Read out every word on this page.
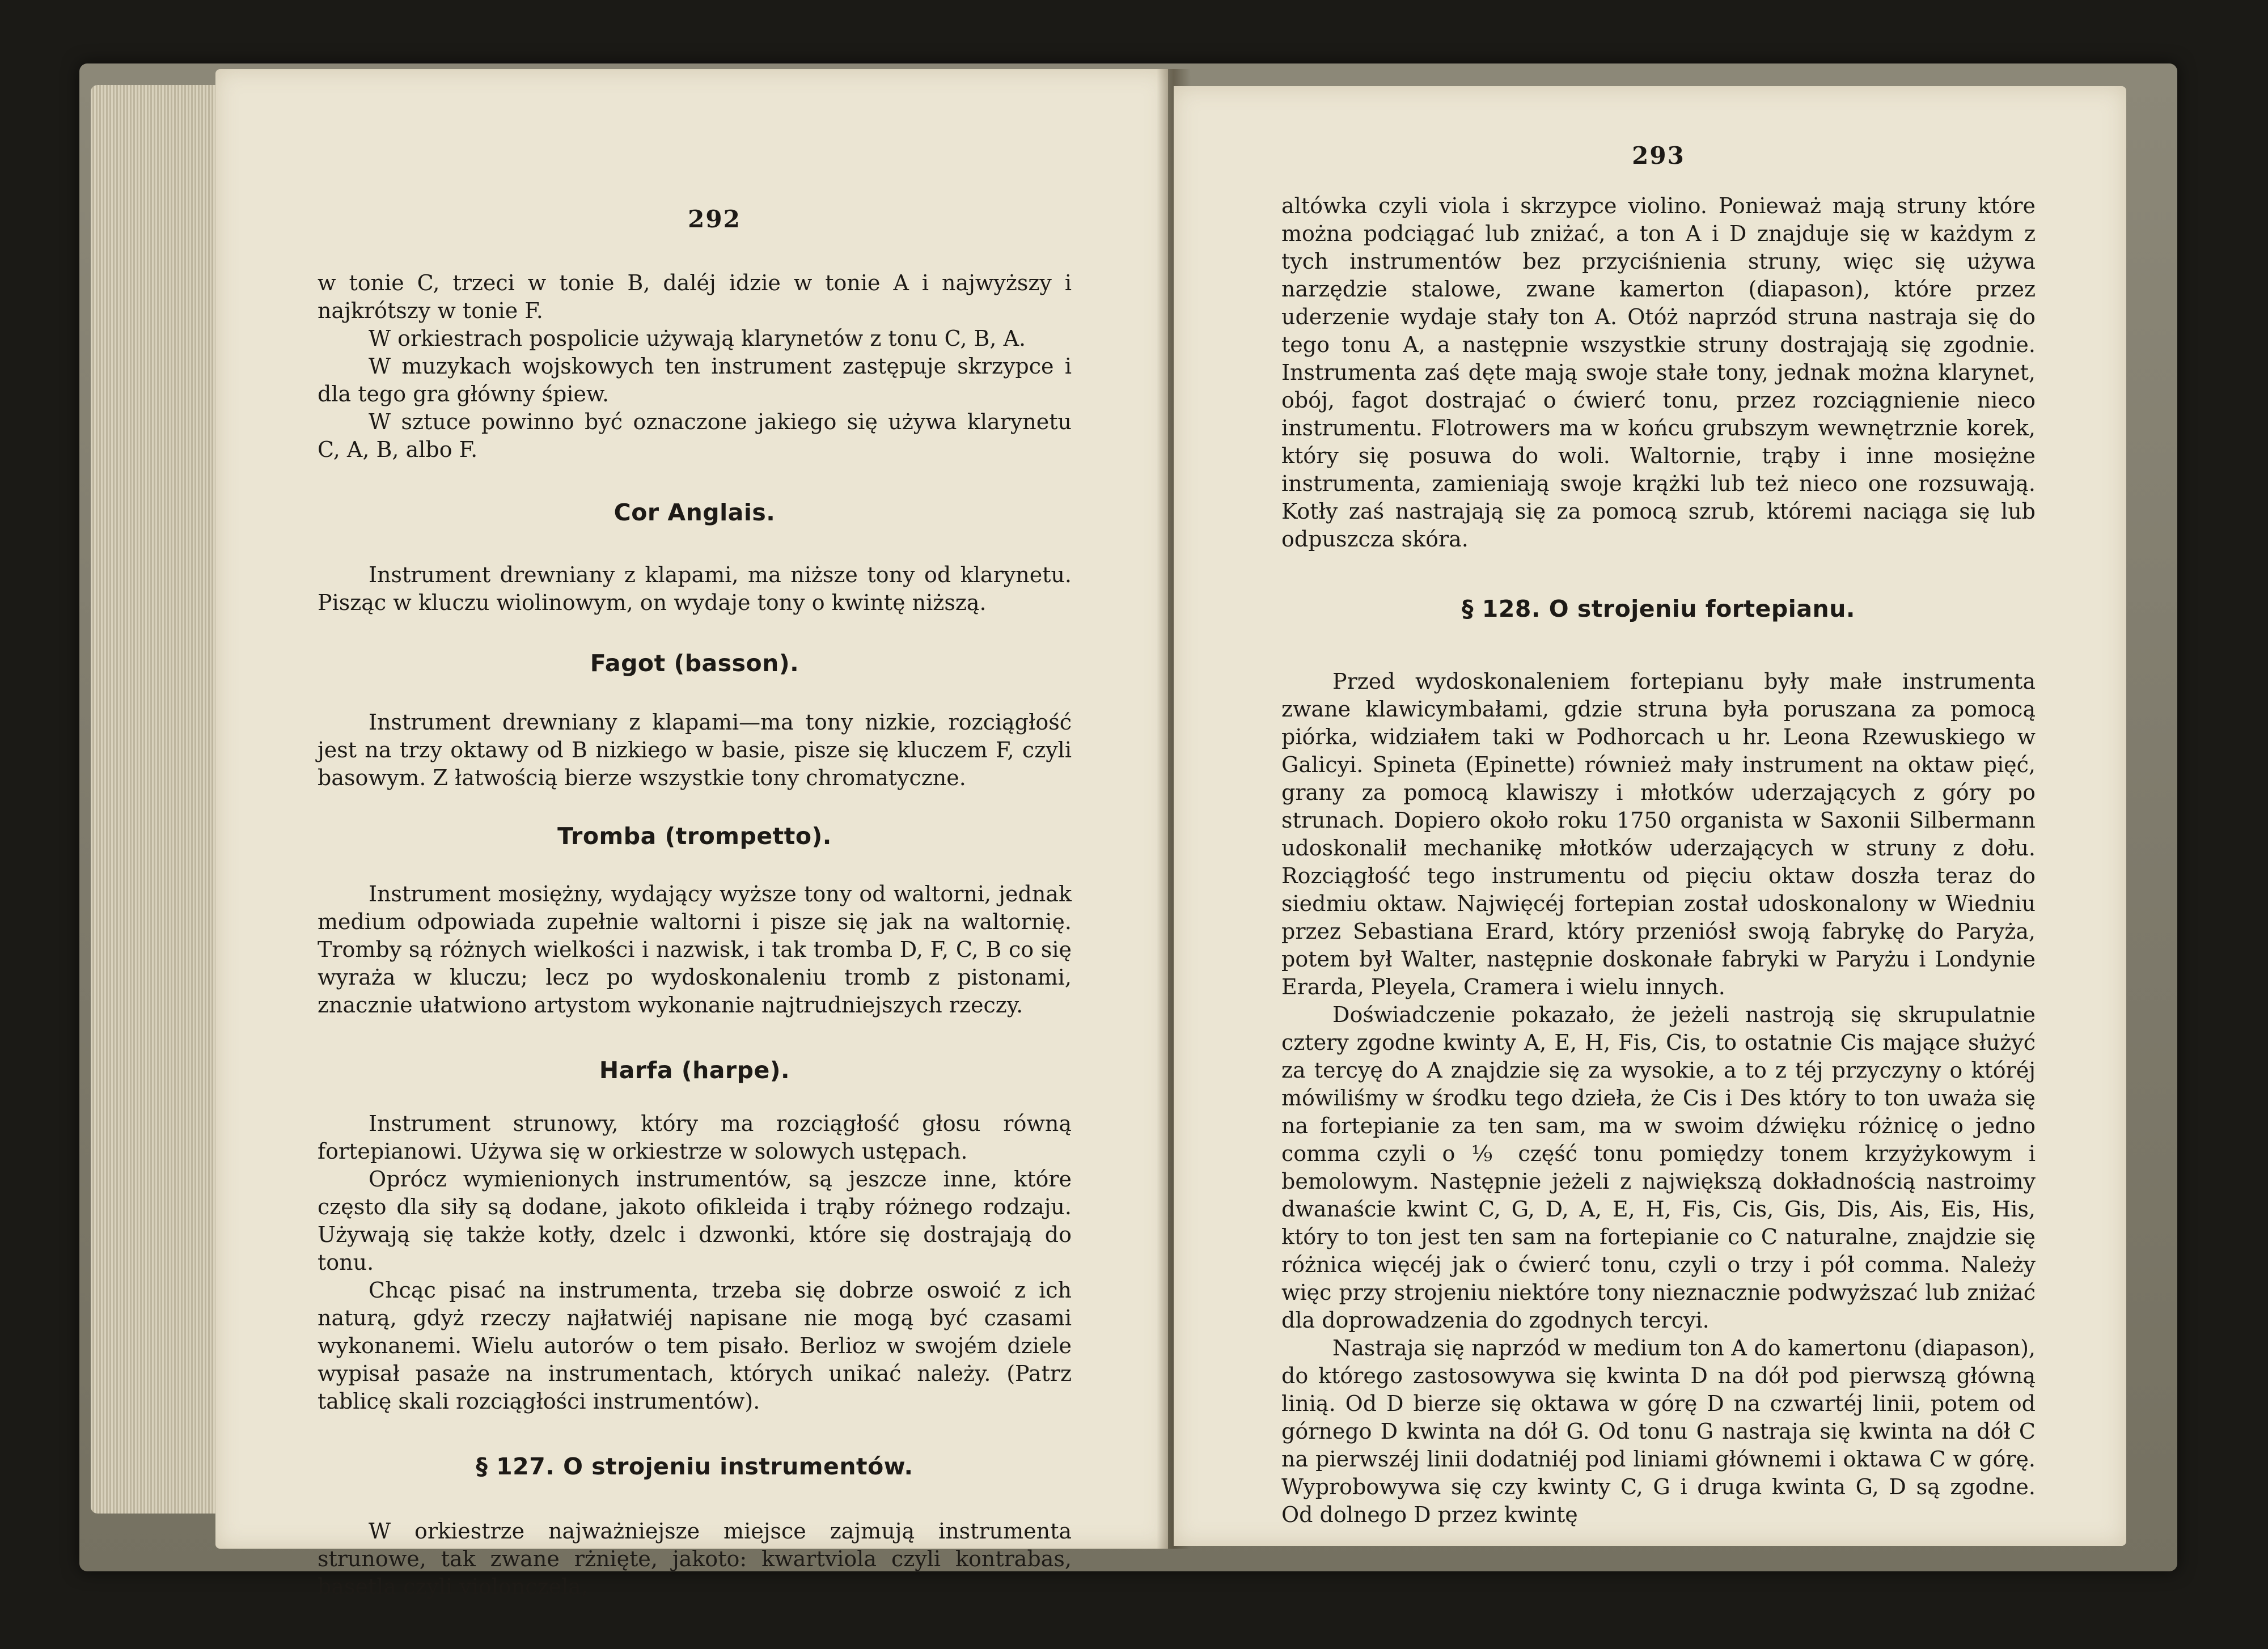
292

w tonie C, trzeci w tonie B, daléj idzie w tonie A i najwyższy i najkrótszy w tonie F.

W orkiestrach pospolicie używają klarynetów z tonu C, B, A.

W muzykach wojskowych ten instrument zastępuje skrzypce i dla tego gra główny śpiew.

W sztuce powinno być oznaczone jakiego się używa klarynetu C, A, B, albo F.

Cor Anglais.

Instrument drewniany z klapami, ma niższe tony od klarynetu. Pisząc w kluczu wiolinowym, on wydaje tony o kwintę niższą.

Fagot (basson).

Instrument drewniany z klapami—ma tony nizkie, rozciągłość jest na trzy oktawy od B nizkiego w basie, pisze się kluczem F, czyli basowym. Z łatwością bierze wszystkie tony chromatyczne.

Tromba (trompetto).

Instrument mosiężny, wydający wyższe tony od waltorni, jednak medium odpowiada zupełnie waltorni i pisze się jak na waltornię. Tromby są różnych wielkości i nazwisk, i tak tromba D, F, C, B co się wyraża w kluczu; lecz po wydoskonaleniu tromb z pistonami, znacznie ułatwiono artystom wykonanie najtrudniejszych rzeczy.

Harfa (harpe).

Instrument strunowy, który ma rozciągłość głosu równą fortepianowi. Używa się w orkiestrze w solowych ustępach.

Oprócz wymienionych instrumentów, są jeszcze inne, które często dla siły są dodane, jakoto ofikleida i trąby różnego rodzaju. Używają się także kotły, dzelc i dzwonki, które się dostrajają do tonu.

Chcąc pisać na instrumenta, trzeba się dobrze oswoić z ich naturą, gdyż rzeczy najłatwiéj napisane nie mogą być czasami wykonanemi. Wielu autorów o tem pisało. Berlioz w swojém dziele wypisał pasaże na instrumentach, których unikać należy. (Patrz tablicę skali rozciągłości instrumentów).

§ 127. O strojeniu instrumentów.

W orkiestrze najważniejsze miejsce zajmują instrumenta strunowe, tak zwane rżnięte, jakoto: kwartviola czyli kontrabas, basetla czyli violonczela,

293

altówka czyli viola i skrzypce violino. Ponieważ mają struny które można podciągać lub zniżać, a ton A i D znajduje się w każdym z tych instrumentów bez przyciśnienia struny, więc się używa narzędzie stalowe, zwane kamerton (diapason), które przez uderzenie wydaje stały ton A. Otóż naprzód struna nastraja się do tego tonu A, a następnie wszystkie struny dostrajają się zgodnie. Instrumenta zaś dęte mają swoje stałe tony, jednak można klarynet, obój, fagot dostrajać o ćwierć tonu, przez rozciągnienie nieco instrumentu. Flotrowers ma w końcu grubszym wewnętrznie korek, który się posuwa do woli. Waltornie, trąby i inne mosiężne instrumenta, zamieniają swoje krążki lub też nieco one rozsuwają. Kotły zaś nastrajają się za pomocą szrub, któremi naciąga się lub odpuszcza skóra.

§ 128. O strojeniu fortepianu.

Przed wydoskonaleniem fortepianu były małe instrumenta zwane klawicymbałami, gdzie struna była poruszana za pomocą piórka, widziałem taki w Podhorcach u hr. Leona Rzewuskiego w Galicyi. Spineta (Epinette) również mały instrument na oktaw pięć, grany za pomocą klawiszy i młotków uderzających z góry po strunach. Dopiero około roku 1750 organista w Saxonii Silbermann udoskonalił mechanikę młotków uderzających w struny z dołu. Rozciągłość tego instrumentu od pięciu oktaw doszła teraz do siedmiu oktaw. Najwięcéj fortepian został udoskonalony w Wiedniu przez Sebastiana Erard, który przeniósł swoją fabrykę do Paryża, potem był Walter, następnie doskonałe fabryki w Paryżu i Londynie Erarda, Pleyela, Cramera i wielu innych.

Doświadczenie pokazało, że jeżeli nastroją się skrupulatnie cztery zgodne kwinty A, E, H, Fis, Cis, to ostatnie Cis mające służyć za tercyę do A znajdzie się za wysokie, a to z téj przyczyny o któréj mówiliśmy w środku tego dzieła, że Cis i Des który to ton uważa się na fortepianie za ten sam, ma w swoim dźwięku różnicę o jedno comma czyli o ⅑ część tonu pomiędzy tonem krzyżykowym i bemolowym. Następnie jeżeli z największą dokładnością nastroimy dwanaście kwint C, G, D, A, E, H, Fis, Cis, Gis, Dis, Ais, Eis, His, który to ton jest ten sam na fortepianie co C naturalne, znajdzie się różnica więcéj jak o ćwierć tonu, czyli o trzy i pół comma. Należy więc przy strojeniu niektóre tony nieznacznie podwyższać lub zniżać dla doprowadzenia do zgodnych tercyi.

Nastraja się naprzód w medium ton A do kamertonu (diapason), do którego zastosowywa się kwinta D na dół pod pierwszą główną linią. Od D bierze się oktawa w górę D na czwartéj linii, potem od górnego D kwinta na dół G. Od tonu G nastraja się kwinta na dół C na pierwszéj linii dodatniéj pod liniami głównemi i oktawa C w górę. Wyprobowywa się czy kwinty C, G i druga kwinta G, D są zgodne. Od dolnego D przez kwintę
